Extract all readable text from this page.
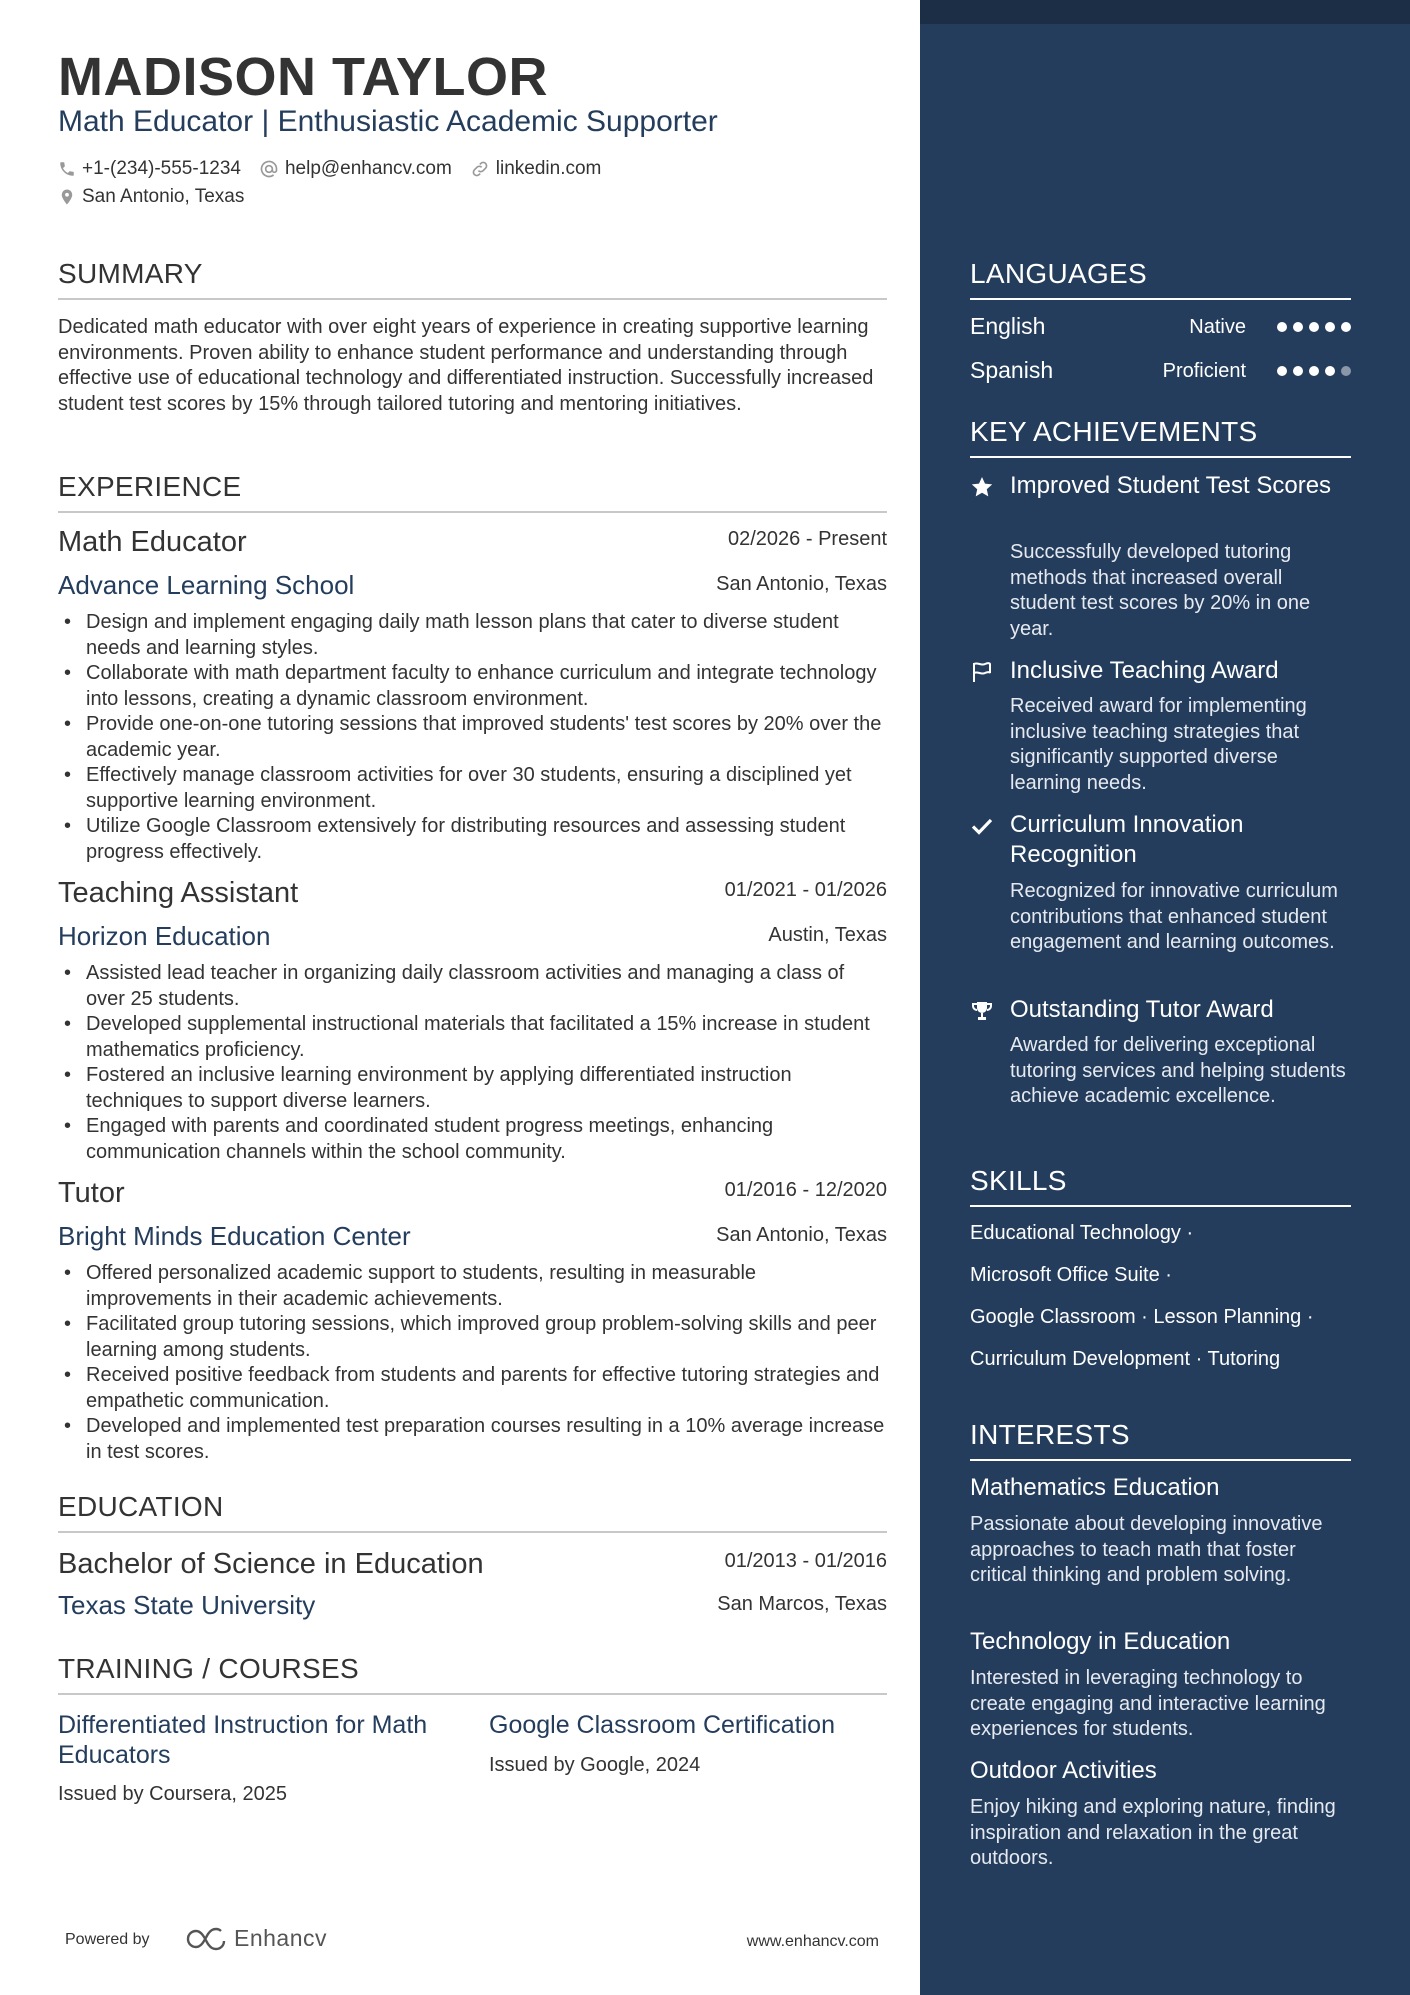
MADISON TAYLOR
Math Educator | Enthusiastic Academic Supporter
+1-(234)-555-1234 help@enhancv.com linkedin.com
San Antonio, Texas
SUMMARY
Dedicated math educator with over eight years of experience in creating supportive learning environments. Proven ability to enhance student performance and understanding through effective use of educational technology and differentiated instruction. Successfully increased student test scores by 15% through tailored tutoring and mentoring initiatives.
EXPERIENCE
Math Educator	02/2026 - Present
Advance Learning School	San Antonio, Texas
• Design and implement engaging daily math lesson plans that cater to diverse student needs and learning styles.
• Collaborate with math department faculty to enhance curriculum and integrate technology into lessons, creating a dynamic classroom environment.
• Provide one-on-one tutoring sessions that improved students' test scores by 20% over the academic year.
• Effectively manage classroom activities for over 30 students, ensuring a disciplined yet supportive learning environment.
• Utilize Google Classroom extensively for distributing resources and assessing student progress effectively.
Teaching Assistant	01/2021 - 01/2026
Horizon Education	Austin, Texas
• Assisted lead teacher in organizing daily classroom activities and managing a class of over 25 students.
• Developed supplemental instructional materials that facilitated a 15% increase in student mathematics proficiency.
• Fostered an inclusive learning environment by applying differentiated instruction techniques to support diverse learners.
• Engaged with parents and coordinated student progress meetings, enhancing communication channels within the school community.
Tutor	01/2016 - 12/2020
Bright Minds Education Center	San Antonio, Texas
• Offered personalized academic support to students, resulting in measurable improvements in their academic achievements.
• Facilitated group tutoring sessions, which improved group problem-solving skills and peer learning among students.
• Received positive feedback from students and parents for effective tutoring strategies and empathetic communication.
• Developed and implemented test preparation courses resulting in a 10% average increase in test scores.
EDUCATION
Bachelor of Science in Education	01/2013 - 01/2016
Texas State University	San Marcos, Texas
TRAINING / COURSES
Differentiated Instruction for Math Educators
Issued by Coursera, 2025
Google Classroom Certification
Issued by Google, 2024
Powered by	Enhancv	www.enhancv.com
LANGUAGES
English	Native
Spanish	Proficient
KEY ACHIEVEMENTS
Improved Student Test Scores
Successfully developed tutoring methods that increased overall student test scores by 20% in one year.
Inclusive Teaching Award
Received award for implementing inclusive teaching strategies that significantly supported diverse learning needs.
Curriculum Innovation Recognition
Recognized for innovative curriculum contributions that enhanced student engagement and learning outcomes.
Outstanding Tutor Award
Awarded for delivering exceptional tutoring services and helping students achieve academic excellence.
SKILLS
Educational Technology ·
Microsoft Office Suite ·
Google Classroom · Lesson Planning ·
Curriculum Development · Tutoring
INTERESTS
Mathematics Education
Passionate about developing innovative approaches to teach math that foster critical thinking and problem solving.
Technology in Education
Interested in leveraging technology to create engaging and interactive learning experiences for students.
Outdoor Activities
Enjoy hiking and exploring nature, finding inspiration and relaxation in the great outdoors.
